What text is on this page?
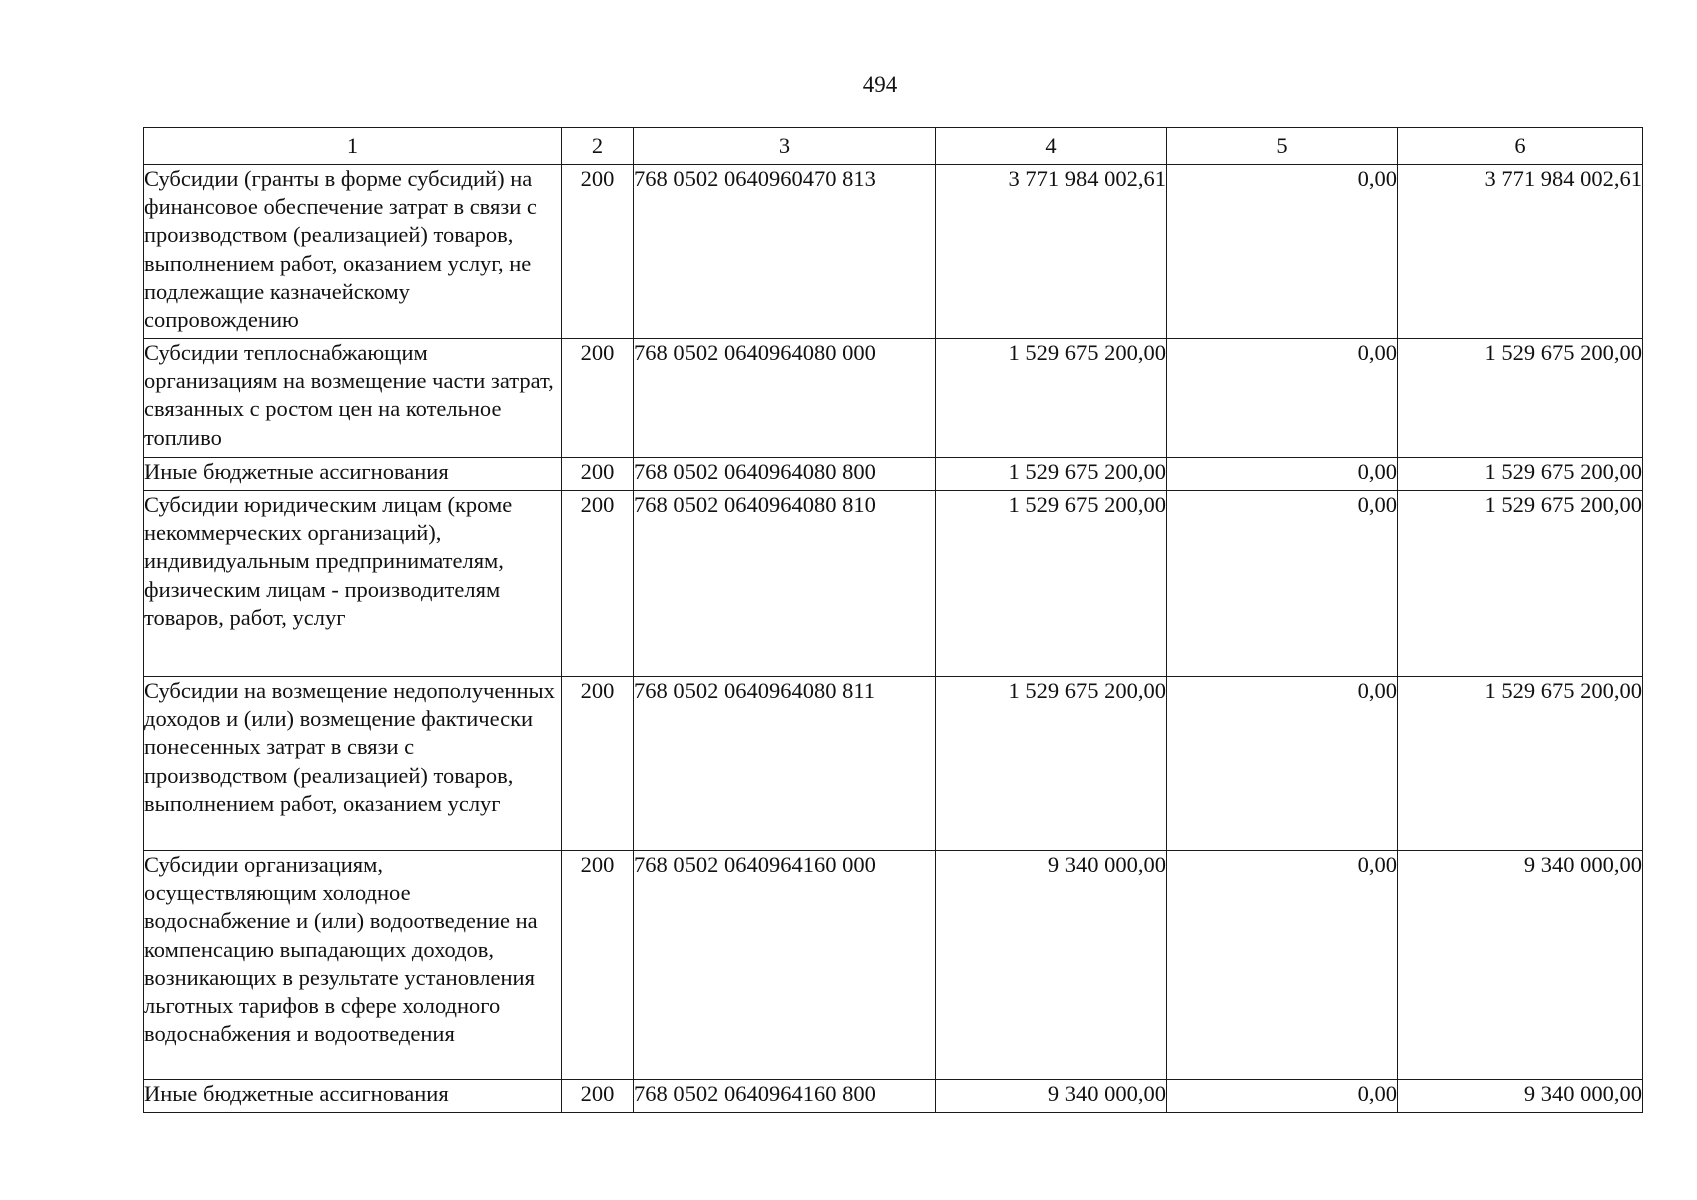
494
1	2	3	4	5	6
Субсидии (гранты в форме субсидий) на финансовое обеспечение затрат в связи с производством (реализацией) товаров, выполнением работ, оказанием услуг, не подлежащие казначейскому сопровождению	200	768 0502 0640960470 813	3 771 984 002,61	0,00	3 771 984 002,61
Субсидии теплоснабжающим организациям на возмещение части затрат, связанных с ростом цен на котельное топливо	200	768 0502 0640964080 000	1 529 675 200,00	0,00	1 529 675 200,00
Иные бюджетные ассигнования	200	768 0502 0640964080 800	1 529 675 200,00	0,00	1 529 675 200,00
Субсидии юридическим лицам (кроме некоммерческих организаций), индивидуальным предпринимателям, физическим лицам - производителям товаров, работ, услуг	200	768 0502 0640964080 810	1 529 675 200,00	0,00	1 529 675 200,00
Субсидии на возмещение недополученных доходов и (или) возмещение фактически понесенных затрат в связи с производством (реализацией) товаров, выполнением работ, оказанием услуг	200	768 0502 0640964080 811	1 529 675 200,00	0,00	1 529 675 200,00
Субсидии организациям, осуществляющим холодное водоснабжение и (или) водоотведение на компенсацию выпадающих доходов, возникающих в результате установления льготных тарифов в сфере холодного водоснабжения и водоотведения	200	768 0502 0640964160 000	9 340 000,00	0,00	9 340 000,00
Иные бюджетные ассигнования	200	768 0502 0640964160 800	9 340 000,00	0,00	9 340 000,00
